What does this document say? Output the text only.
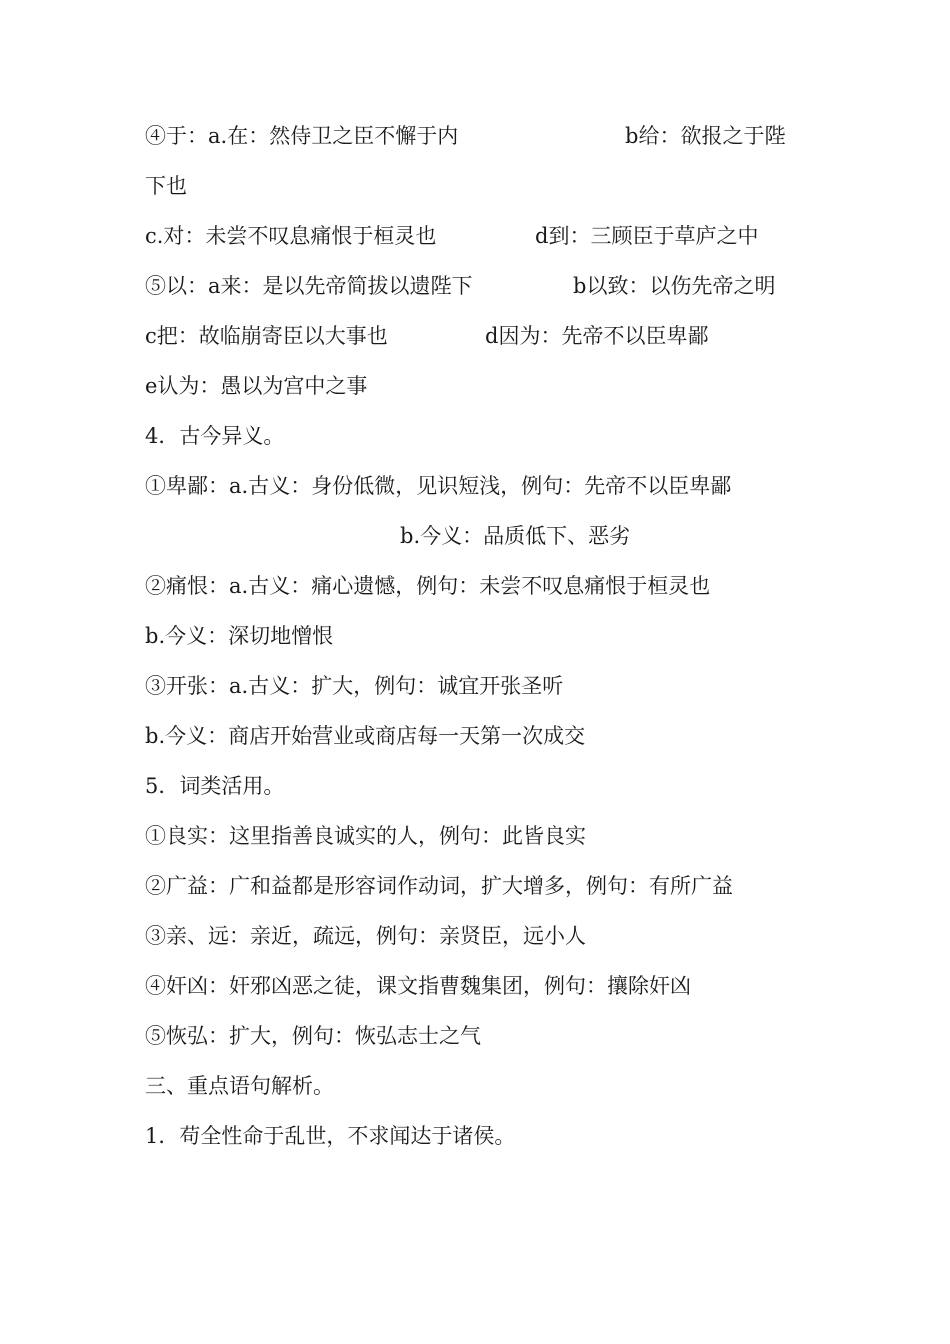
④于：a.在：然侍卫之臣不懈于内	b给：欲报之于陛
下也
c.对：未尝不叹息痛恨于桓灵也	d到：三顾臣于草庐之中
⑤以：a来：是以先帝简拔以遗陛下	b以致：以伤先帝之明
c把：故临崩寄臣以大事也	d因为：先帝不以臣卑鄙
e认为：愚以为宫中之事
4．古今异义。
①卑鄙：a.古义：身份低微，见识短浅，例句：先帝不以臣卑鄙
b.今义：品质低下、恶劣
②痛恨：a.古义：痛心遗憾，例句：未尝不叹息痛恨于桓灵也
b.今义：深切地憎恨
③开张：a.古义：扩大，例句：诚宜开张圣听
b.今义：商店开始营业或商店每一天第一次成交
5．词类活用。
①良实：这里指善良诚实的人，例句：此皆良实
②广益：广和益都是形容词作动词，扩大增多，例句：有所广益
③亲、远：亲近，疏远，例句：亲贤臣，远小人
④奸凶：奸邪凶恶之徒，课文指曹魏集团，例句：攘除奸凶
⑤恢弘：扩大，例句：恢弘志士之气
三、重点语句解析。
1．苟全性命于乱世，不求闻达于诸侯。
